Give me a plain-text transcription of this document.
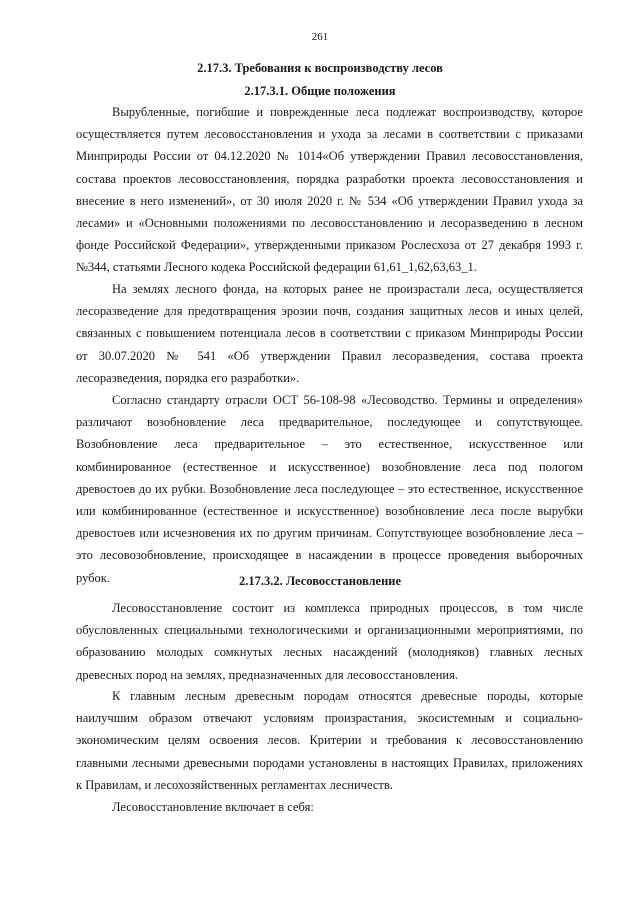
261
2.17.3. Требования к воспроизводству лесов
2.17.3.1. Общие положения

Вырубленные, погибшие и поврежденные леса подлежат воспроизводству, которое осуществляется путем лесовосстановления и ухода за лесами в соответствии с приказами Минприроды России от 04.12.2020 № 1014«Об утверждении Правил лесовосстановления, состава проектов лесовосстановления, порядка разработки проекта лесовосстановления и внесение в него изменений», от 30 июля 2020 г. № 534 «Об утверждении Правил ухода за лесами» и «Основными положениями по лесовосстановлению и лесоразведению в лесном фонде Российской Федерации», утвержденными приказом Рослесхоза от 27 декабря 1993 г. №344, статьями Лесного кодека Российской федерации 61,61_1,62,63,63_1.

На землях лесного фонда, на которых ранее не произрастали леса, осуществляется лесоразведение для предотвращения эрозии почв, создания защитных лесов и иных целей, связанных с повышением потенциала лесов в соответствии с приказом Минприроды России от 30.07.2020 № 541 «Об утверждении Правил лесоразведения, состава проекта лесоразведения, порядка его разработки».

Согласно стандарту отрасли ОСТ 56-108-98 «Лесоводство. Термины и определения» различают возобновление леса предварительное, последующее и сопутствующее. Возобновление леса предварительное – это естественное, искусственное или комбинированное (естественное и искусственное) возобновление леса под пологом древостоев до их рубки. Возобновление леса последующее – это естественное, искусственное или комбинированное (естественное и искусственное) возобновление леса после вырубки древостоев или исчезновения их по другим причинам. Сопутствующее возобновление леса – это лесовозобновление, происходящее в насаждении в процессе проведения выборочных рубок.	2.17.3.2. Лесовосстановление

Лесовосстановление состоит из комплекса природных процессов, в том числе обусловленных специальными технологическими и организационными мероприятиями, по образованию молодых сомкнутых лесных насаждений (молодняков) главных лесных древесных пород на землях, предназначенных для лесовосстановления.

К главным лесным древесным породам относятся древесные породы, которые наилучшим образом отвечают условиям произрастания, экосистемным и социально-экономическим целям освоения лесов. Критерии и требования к лесовосстановлению главными лесными древесными породами установлены в настоящих Правилах, приложениях к Правилам, и лесохозяйственных регламентах лесничеств.

Лесовосстановление включает в себя:
